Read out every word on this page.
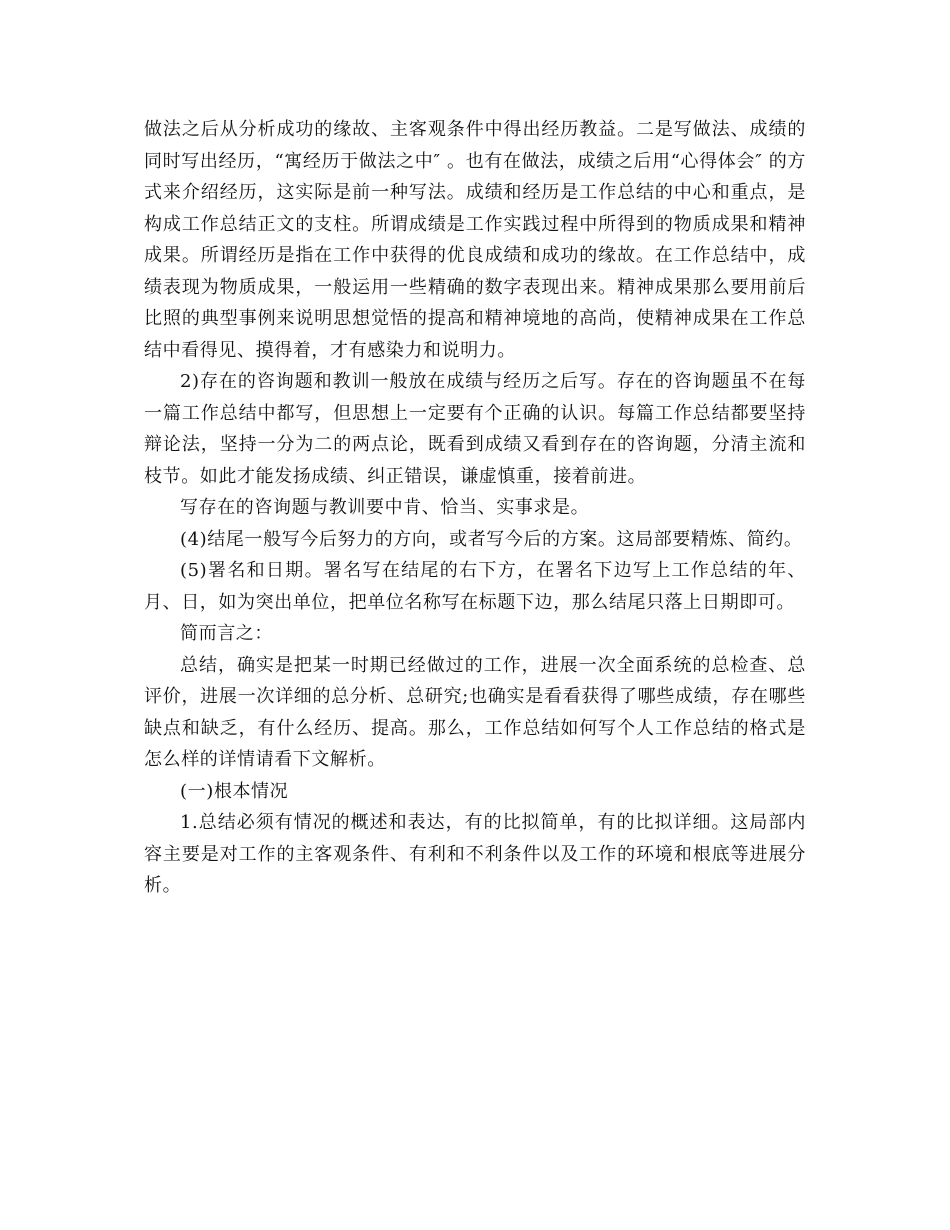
做法之后从分析成功的缘故、主客观条件中得出经历教益。二是写做法、成绩的同时写出经历，“寓经历于做法之中″ 。也有在做法，成绩之后用“心得体会″ 的方式来介绍经历，这实际是前一种写法。成绩和经历是工作总结的中心和重点，是构成工作总结正文的支柱。所谓成绩是工作实践过程中所得到的物质成果和精神成果。所谓经历是指在工作中获得的优良成绩和成功的缘故。在工作总结中，成绩表现为物质成果，一般运用一些精确的数字表现出来。精神成果那么要用前后比照的典型事例来说明思想觉悟的提高和精神境地的高尚，使精神成果在工作总结中看得见、摸得着，才有感染力和说明力。

2)存在的咨询题和教训一般放在成绩与经历之后写。存在的咨询题虽不在每一篇工作总结中都写，但思想上一定要有个正确的认识。每篇工作总结都要坚持辩论法，坚持一分为二的两点论，既看到成绩又看到存在的咨询题，分清主流和枝节。如此才能发扬成绩、纠正错误，谦虚慎重，接着前进。

写存在的咨询题与教训要中肯、恰当、实事求是。

(4)结尾一般写今后努力的方向，或者写今后的方案。这局部要精炼、简约。

(5)署名和日期。署名写在结尾的右下方，在署名下边写上工作总结的年、月、日，如为突出单位，把单位名称写在标题下边，那么结尾只落上日期即可。

简而言之：

总结，确实是把某一时期已经做过的工作，进展一次全面系统的总检查、总评价，进展一次详细的总分析、总研究;也确实是看看获得了哪些成绩，存在哪些缺点和缺乏，有什么经历、提高。那么，工作总结如何写个人工作总结的格式是怎么样的详情请看下文解析。

(一)根本情况

1.总结必须有情况的概述和表达，有的比拟简单，有的比拟详细。这局部内容主要是对工作的主客观条件、有利和不利条件以及工作的环境和根底等进展分析。
